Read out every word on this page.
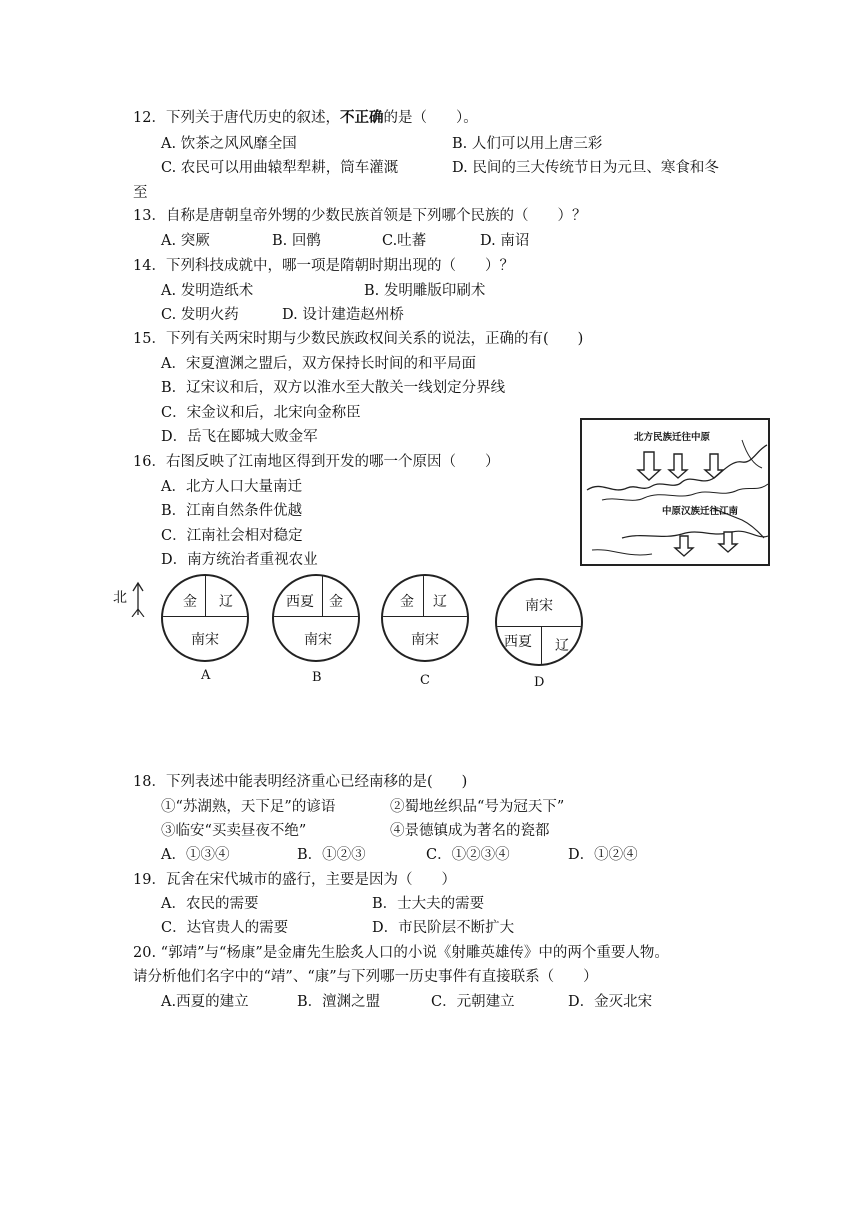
12．下列关于唐代历史的叙述，不正确的是（　　）。
A. 饮茶之风风靡全国	B. 人们可以用上唐三彩
C. 农民可以用曲辕犁犁耕，筒车灌溉	D. 民间的三大传统节日为元旦、寒食和冬
至
13．自称是唐朝皇帝外甥的少数民族首领是下列哪个民族的（　　）？
A. 突厥	B. 回鹘	C.吐蕃	D. 南诏
14．下列科技成就中，哪一项是隋朝时期出现的（　　）？
A. 发明造纸术	B. 发明雕版印刷术
C. 发明火药	D. 设计建造赵州桥
15．下列有关两宋时期与少数民族政权间关系的说法，正确的有(　　)
A．宋夏澶渊之盟后，双方保持长时间的和平局面
B．辽宋议和后，双方以淮水至大散关一线划定分界线
C．宋金议和后，北宋向金称臣
D．岳飞在郾城大败金军
16．右图反映了江南地区得到开发的哪一个原因（　　）
A．北方人口大量南迁
B．江南自然条件优越
C．江南社会相对稳定
D．南方统治者重视农业
北方民族迁往中原
中原汉族迁往江南
北	金 辽
南宋
A
西夏 金
南宋
B
金 辽
南宋
C
南宋
西夏 辽
D
18．下列表述中能表明经济重心已经南移的是(　　)
①“苏湖熟，天下足”的谚语	②蜀地丝织品“号为冠天下”
③临安“买卖昼夜不绝”	④景德镇成为著名的瓷都
A．①③④	B．①②③	C．①②③④	D．①②④
19．瓦舍在宋代城市的盛行，主要是因为（　　）
A．农民的需要	B．士大夫的需要
C．达官贵人的需要	D．市民阶层不断扩大
20. “郭靖”与“杨康”是金庸先生脍炙人口的小说《射雕英雄传》中的两个重要人物。
请分析他们名字中的“靖”、“康”与下列哪一历史事件有直接联系（　　）
A.西夏的建立	B．澶渊之盟	C．元朝建立	D．金灭北宋
